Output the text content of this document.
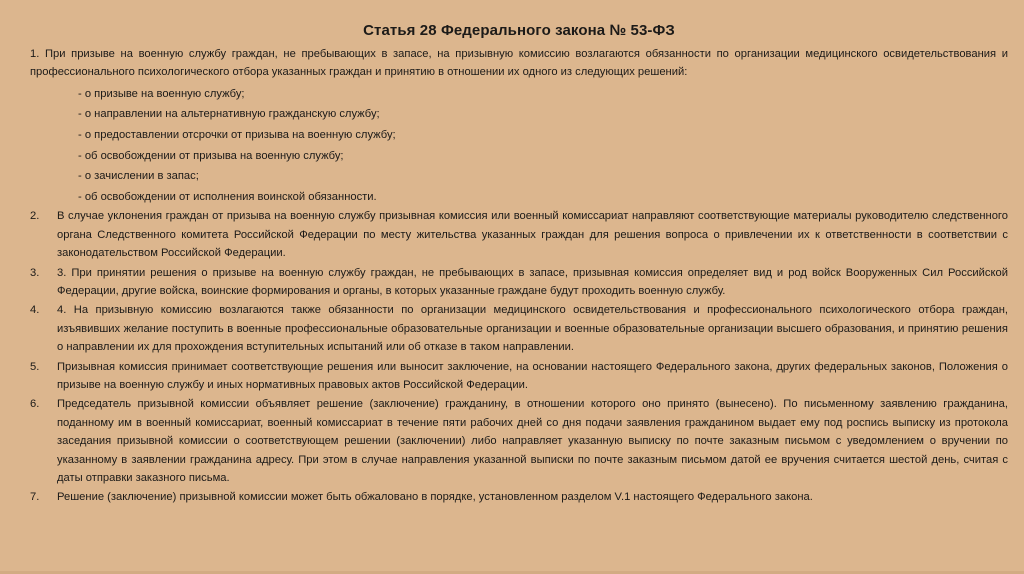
Статья 28 Федерального закона № 53-ФЗ

1. При призыве на военную службу граждан, не пребывающих в запасе, на призывную комиссию возлагаются обязанности по организации медицинского освидетельствования и профессионального психологического отбора указанных граждан и принятию в отношении их одного из следующих решений:

- о призыве на военную службу;
- о направлении на альтернативную гражданскую службу;
- о предоставлении отсрочки от призыва на военную службу;
- об освобождении от призыва на военную службу;
- о зачислении в запас;
- об освобождении от исполнения воинской обязанности.
2. В случае уклонения граждан от призыва на военную службу призывная комиссия или военный комиссариат направляют соответствующие материалы руководителю следственного органа Следственного комитета Российской Федерации по месту жительства указанных граждан для решения вопроса о привлечении их к ответственности в соответствии с законодательством Российской Федерации.
3. 3. При принятии решения о призыве на военную службу граждан, не пребывающих в запасе, призывная комиссия определяет вид и род войск Вооруженных Сил Российской Федерации, другие войска, воинские формирования и органы, в которых указанные граждане будут проходить военную службу.
4. 4. На призывную комиссию возлагаются также обязанности по организации медицинского освидетельствования и профессионального психологического отбора граждан, изъявивших желание поступить в военные профессиональные образовательные организации и военные образовательные организации высшего образования, и принятию решения о направлении их для прохождения вступительных испытаний или об отказе в таком направлении.
5. Призывная комиссия принимает соответствующие решения или выносит заключение, на основании настоящего Федерального закона, других федеральных законов, Положения о призыве на военную службу и иных нормативных правовых актов Российской Федерации.
6. Председатель призывной комиссии объявляет решение (заключение) гражданину, в отношении которого оно принято (вынесено). По письменному заявлению гражданина, поданному им в военный комиссариат, военный комиссариат в течение пяти рабочих дней со дня подачи заявления гражданином выдает ему под роспись выписку из протокола заседания призывной комиссии о соответствующем решении (заключении) либо направляет указанную выписку по почте заказным письмом с уведомлением о вручении по указанному в заявлении гражданина адресу. При этом в случае направления указанной выписки по почте заказным письмом датой ее вручения считается шестой день, считая с даты отправки заказного письма.
7. Решение (заключение) призывной комиссии может быть обжаловано в порядке, установленном разделом V.1 настоящего Федерального закона.
